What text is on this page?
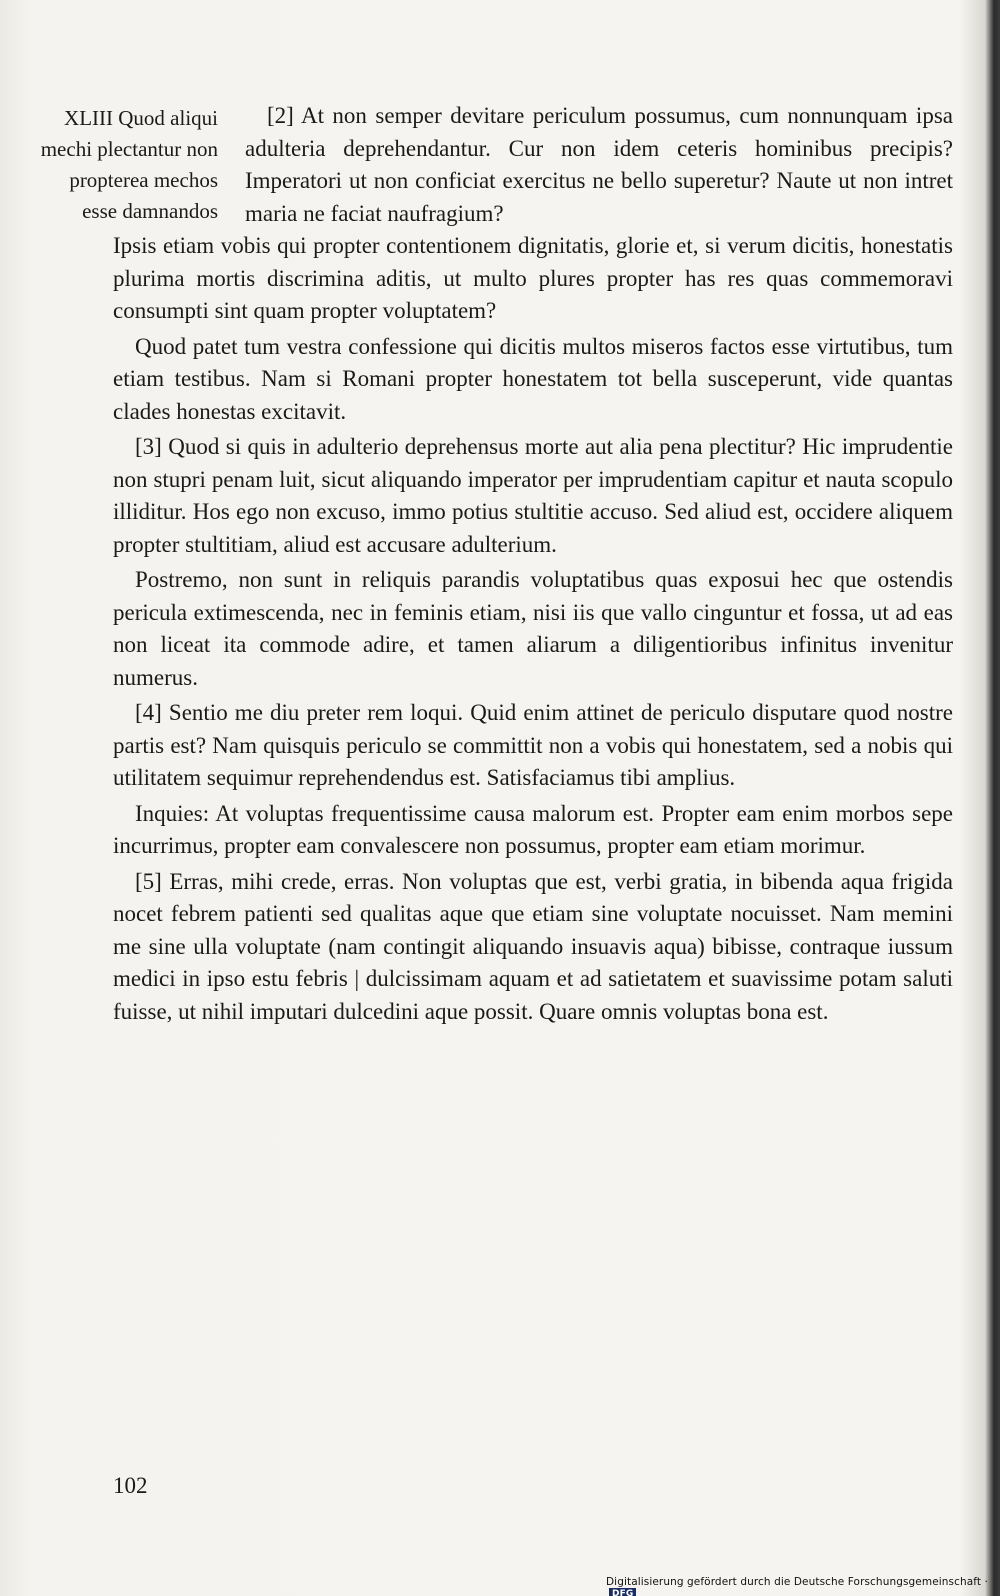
XLIII Quod aliqui
mechi plectantur non
propterea mechos
esse damnandos

[2] At non semper devitare periculum possumus, cum nonnunquam ipsa adulteria deprehendantur. Cur non idem ceteris hominibus precipis? Imperatori ut non conficiat exercitus ne bello superetur? Naute ut non intret maria ne faciat naufragium?
Ipsis etiam vobis qui propter contentionem dignitatis, glorie et, si verum dicitis, honestatis plurima mortis discrimina aditis, ut multo plures propter has res quas commemoravi consumpti sint quam propter voluptatem?

Quod patet tum vestra confessione qui dicitis multos miseros factos esse virtutibus, tum etiam testibus. Nam si Romani propter honestatem tot bella susceperunt, vide quantas clades honestas excitavit.

[3] Quod si quis in adulterio deprehensus morte aut alia pena plectitur? Hic imprudentie non stupri penam luit, sicut aliquando imperator per imprudentiam capitur et nauta scopulo illiditur. Hos ego non excuso, immo potius stultitie accuso. Sed aliud est, occidere aliquem propter stultitiam, aliud est accusare adulterium.

Postremo, non sunt in reliquis parandis voluptatibus quas exposui hec que ostendis pericula extimescenda, nec in feminis etiam, nisi iis que vallo cinguntur et fossa, ut ad eas non liceat ita commode adire, et tamen aliarum a diligentioribus infinitus invenitur numerus.

[4] Sentio me diu preter rem loqui. Quid enim attinet de periculo disputare quod nostre partis est? Nam quisquis periculo se committit non a vobis qui honestatem, sed a nobis qui utilitatem sequimur reprehendendus est. Satisfaciamus tibi amplius.

Inquies: At voluptas frequentissime causa malorum est. Propter eam enim morbos sepe incurrimus, propter eam convalescere non possumus, propter eam etiam morimur.

[5] Erras, mihi crede, erras. Non voluptas que est, verbi gratia, in bibenda aqua frigida nocet febrem patienti sed qualitas aque que etiam sine voluptate nocuisset. Nam memini me sine ulla voluptate (nam contingit aliquando insuavis aqua) bibisse, contraque iussum medici in ipso estu febris | dulcissimam aquam et ad satietatem et suavissime potam saluti fuisse, ut nihil imputari dulcedini aque possit. Quare omnis voluptas bona est.

102
Digitalisierung gefördert durch die Deutsche Forschungsgemeinschaft · DFG
